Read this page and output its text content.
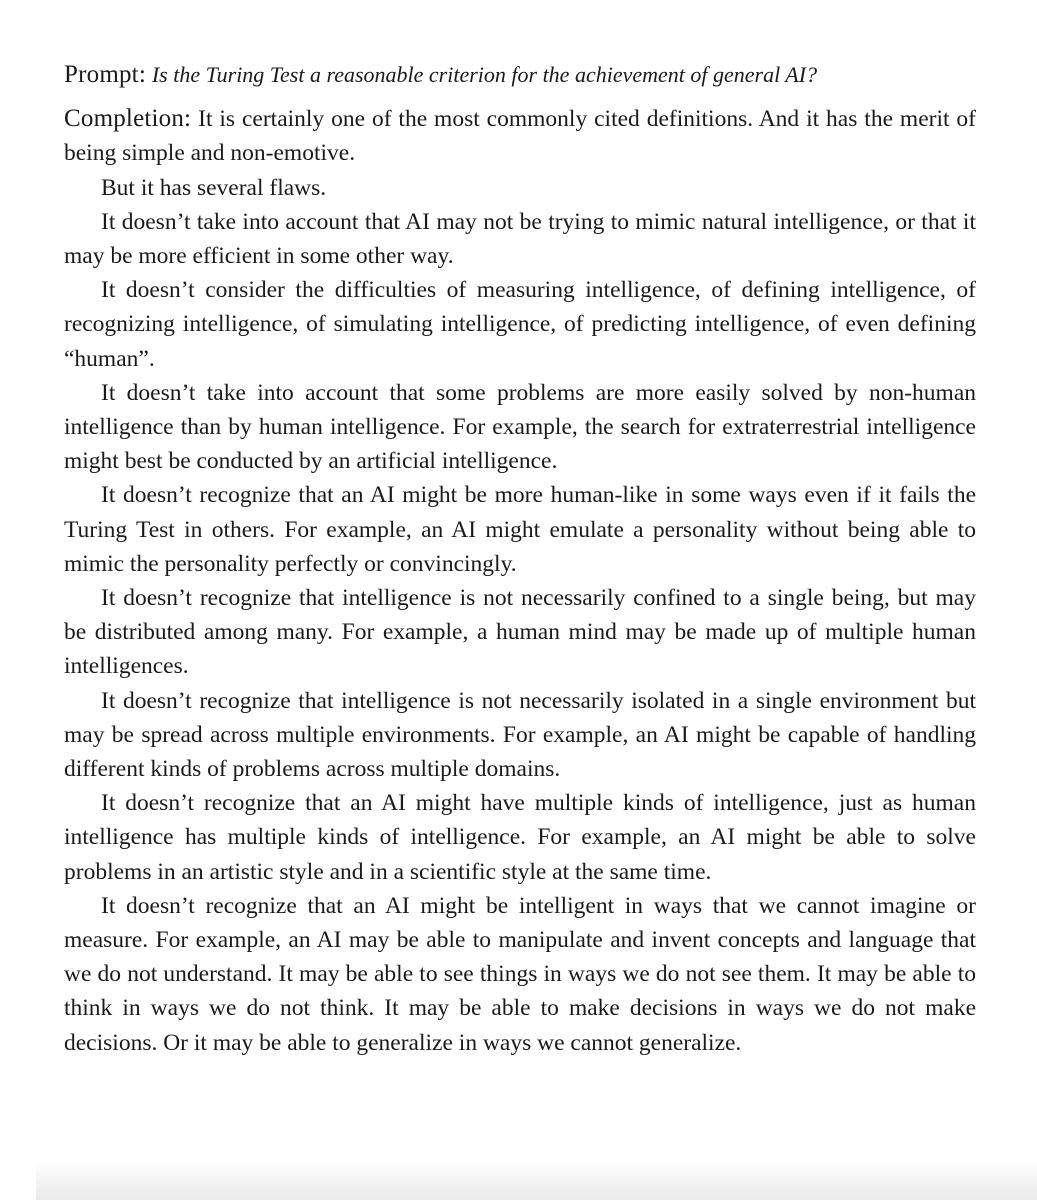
Prompt: Is the Turing Test a reasonable criterion for the achievement of general AI?

Completion: It is certainly one of the most commonly cited definitions. And it has the merit of being simple and non-emotive.

But it has several flaws.

It doesn’t take into account that AI may not be trying to mimic natural intelligence, or that it may be more efficient in some other way.

It doesn’t consider the difficulties of measuring intelligence, of defining intelligence, of recognizing intelligence, of simulating intelligence, of predicting intelligence, of even defining “human”.

It doesn’t take into account that some problems are more easily solved by non-human intelligence than by human intelligence. For example, the search for extraterrestrial intelligence might best be conducted by an artificial intelligence.

It doesn’t recognize that an AI might be more human-like in some ways even if it fails the Turing Test in others. For example, an AI might emulate a personality without being able to mimic the personality perfectly or convincingly.

It doesn’t recognize that intelligence is not necessarily confined to a single being, but may be distributed among many. For example, a human mind may be made up of multiple human intelligences.

It doesn’t recognize that intelligence is not necessarily isolated in a single environment but may be spread across multiple environments. For example, an AI might be capable of handling different kinds of problems across multiple domains.

It doesn’t recognize that an AI might have multiple kinds of intelligence, just as human intelligence has multiple kinds of intelligence. For example, an AI might be able to solve problems in an artistic style and in a scientific style at the same time.

It doesn’t recognize that an AI might be intelligent in ways that we cannot imagine or measure. For example, an AI may be able to manipulate and invent concepts and language that we do not understand. It may be able to see things in ways we do not see them. It may be able to think in ways we do not think. It may be able to make decisions in ways we do not make decisions. Or it may be able to generalize in ways we cannot generalize.
